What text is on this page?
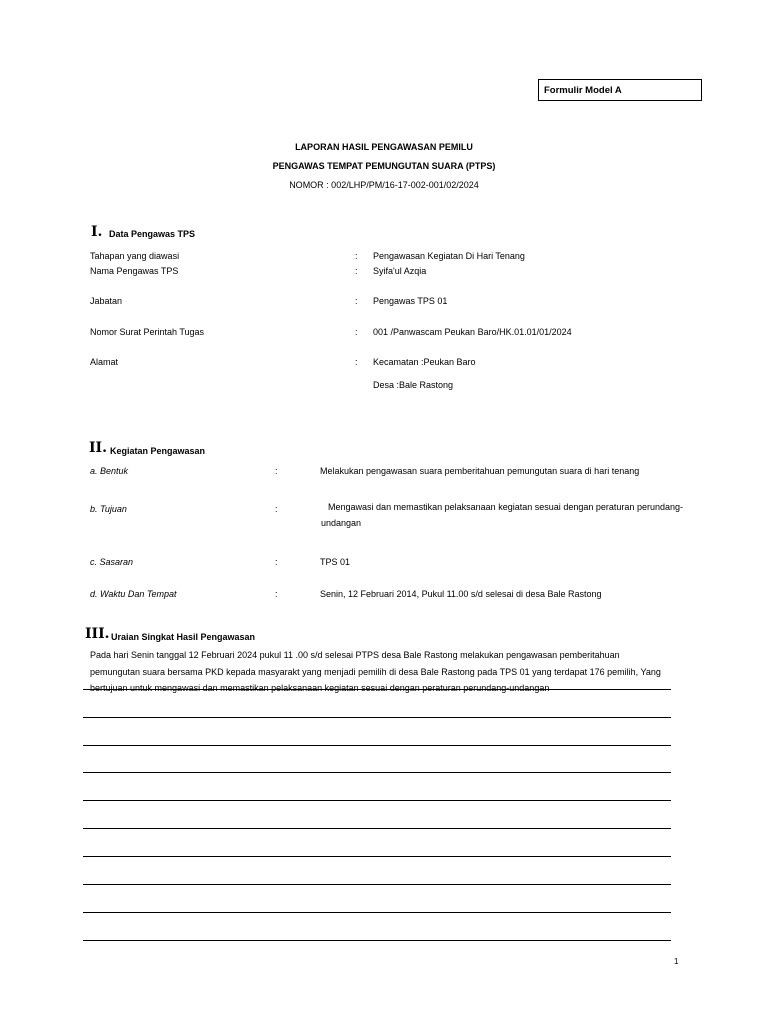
Formulir Model A
LAPORAN HASIL PENGAWASAN PEMILU
PENGAWAS TEMPAT PEMUNGUTAN SUARA (PTPS)
NOMOR : 002/LHP/PM/16-17-002-001/02/2024
I. Data Pengawas TPS
Tahapan yang diawasi	: Pengawasan Kegiatan Di Hari Tenang
Nama Pengawas TPS	: Syifa'ul Azqia
Jabatan	: Pengawas TPS 01
Nomor Surat Perintah Tugas	: 001 /Panwascam Peukan Baro/HK.01.01/01/2024
Alamat	: Kecamatan :Peukan Baro
Desa :Bale Rastong
II. Kegiatan Pengawasan
a. Bentuk	:	Melakukan pengawasan suara pemberitahuan pemungutan suara di hari tenang
b. Tujuan	:	Mengawasi dan memastikan pelaksanaan kegiatan sesuai dengan peraturan perundang-undangan
c. Sasaran	:	TPS 01
d. Waktu Dan Tempat	:	Senin, 12 Februari 2014, Pukul 11.00 s/d selesai di desa Bale Rastong
III. Uraian Singkat Hasil Pengawasan
Pada hari Senin tanggal 12 Februari 2024 pukul 11 .00 s/d selesai PTPS desa Bale Rastong melakukan pengawasan pemberitahuan pemungutan suara bersama PKD kepada masyarakt yang menjadi pemilih di desa Bale Rastong pada TPS 01 yang terdapat 176 pemilih, Yang bertujuan untuk mengawasi dan memastikan pelaksanaan kegiatan sesuai dengan peraturan perundang-undangan
1
